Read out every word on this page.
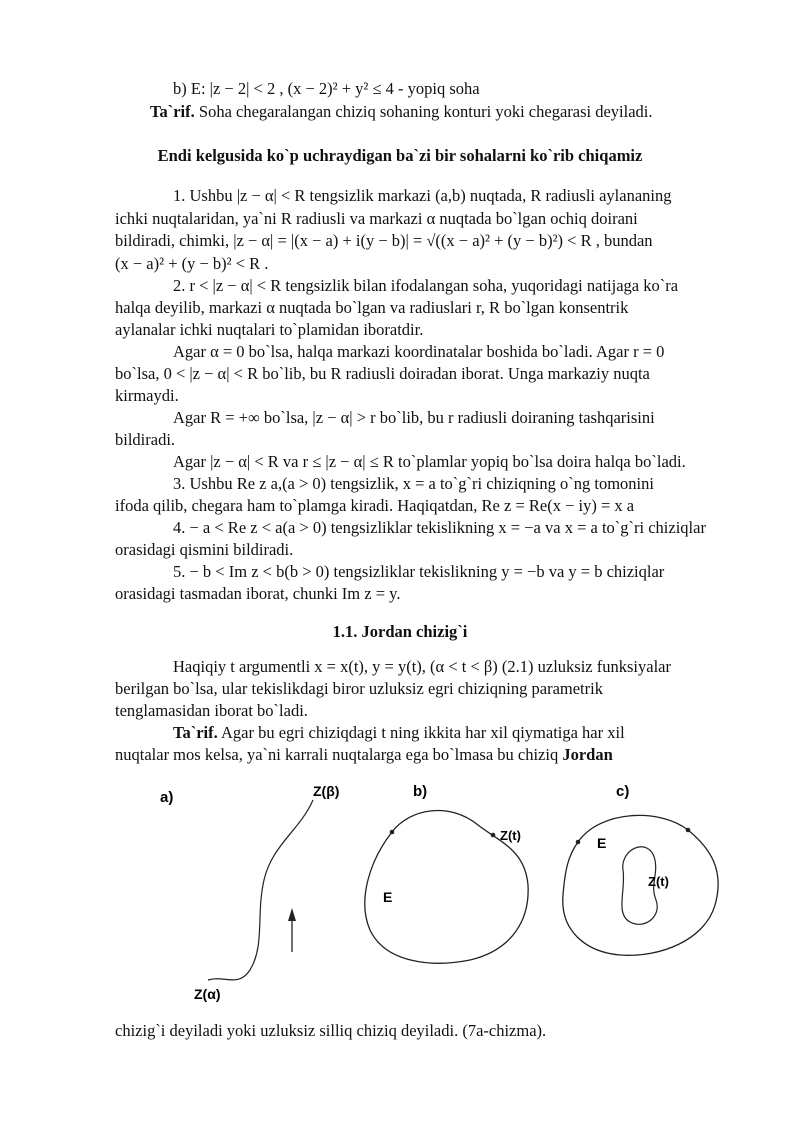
b) E: |z − 2| < 2 , (x − 2)² + y² ≤ 4 - yopiq soha
Ta`rif. Soha chegaralangan chiziq sohaning konturi yoki chegarasi deyiladi.
Endi kelgusida ko`p uchraydigan ba`zi bir sohalarni ko`rib chiqamiz
1. Ushbu |z − α| < R tengsizlik markazi (a,b) nuqtada, R radiusli aylananing
ichki nuqtalaridan, ya`ni R radiusli va markazi α nuqtada bo`lgan ochiq doirani
bildiradi, chimki, |z − α| = |(x − a) + i(y − b)| = √((x − a)² + (y − b)²) < R , bundan
(x − a)² + (y − b)² < R .
2. r < |z − α| < R tengsizlik bilan ifodalangan soha, yuqoridagi natijaga ko`ra
halqa deyilib, markazi α nuqtada bo`lgan va radiuslari r, R bo`lgan konsentrik
aylanalar ichki nuqtalari to`plamidan iboratdir.
Agar α = 0 bo`lsa, halqa markazi koordinatalar boshida bo`ladi. Agar r = 0
bo`lsa, 0 < |z − α| < R bo`lib, bu R radiusli doiradan iborat. Unga markaziy nuqta
kirmaydi.
Agar R = +∞ bo`lsa, |z − α| > r bo`lib, bu r radiusli doiraning tashqarisini
bildiradi.
Agar |z − α| < R va r ≤ |z − α| ≤ R to`plamlar yopiq bo`lsa doira halqa bo`ladi.
3. Ushbu Re z a,(a > 0) tengsizlik, x = a to`g`ri chiziqning o`ng tomonini
ifoda qilib, chegara ham to`plamga kiradi. Haqiqatdan, Re z = Re(x − iy) = x a
4. − a < Re z < a(a > 0) tengsizliklar tekislikning x = −a va x = a to`g`ri chiziqlar
orasidagi qismini bildiradi.
5. − b < Im z < b(b > 0) tengsizliklar tekislikning y = −b va y = b chiziqlar
orasidagi tasmadan iborat, chunki Im z = y.
1.1. Jordan chizig`i
Haqiqiy t argumentli x = x(t), y = y(t), (α < t < β) (2.1) uzluksiz funksiyalar
berilgan bo`lsa, ular tekislikdagi biror uzluksiz egri chiziqning parametrik
tenglamasidan iborat bo`ladi.
Ta`rif. Agar bu egri chiziqdagi t ning ikkita har xil qiymatiga har xil
nuqtalar mos kelsa, ya`ni karrali nuqtalarga ega bo`lmasa bu chiziq Jordan
a)	Z(β)
Z(α)
b)
Z(t)
E
c)
E
Z(t)
chizig`i deyiladi yoki uzluksiz silliq chiziq deyiladi. (7a-chizma).
